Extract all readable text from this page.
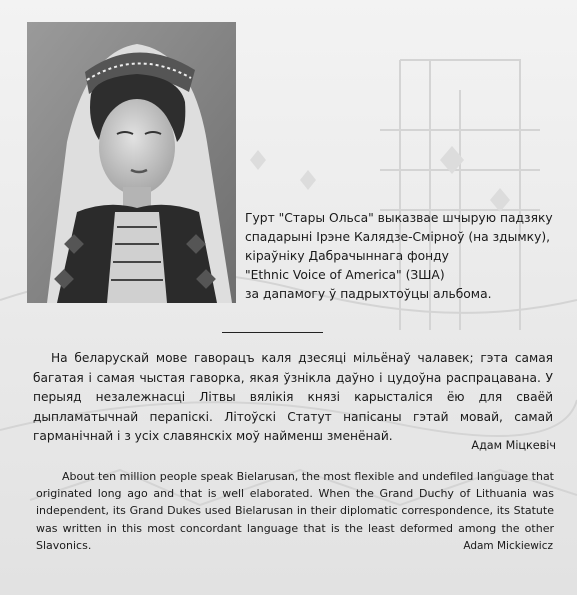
Гурт "Стары Ольса" выказвае шчырую падзяку
спадарыні Ірэне Калядзе-Смірноў (на здымку),
кіраўніку Дабрачыннага фонду
"Ethnic Voice of America" (ЗША)
за дапамогу ў падрыхтоўцы альбома.
На беларускай мове гаворацъ каля дзесяці мільёнаў чалавек; гэта самая багатая і самая чыстая гаворка, якая ўзнікла даўно і цудоўна распрацавана. У перыяд незалежнасці Літвы вялікія князі карысталіся ёю для сваёй дыпламатычнай перапіскі. Літоўскі Статут напісаны гэтай мовай, самай гарманічнай і з усіх славянскіх моў найменш зменёнай.
Адам Міцкевіч
About ten million people speak Bielarusan, the most flexible and undefiled language that originated long ago and that is well elaborated. When the Grand Duchy of Lithuania was independent, its Grand Dukes used Bielarusan in their diplomatic correspondence, its Statute was written in this most concordant language that is the least deformed among the other Slavonics.	Adam Mickiewicz
